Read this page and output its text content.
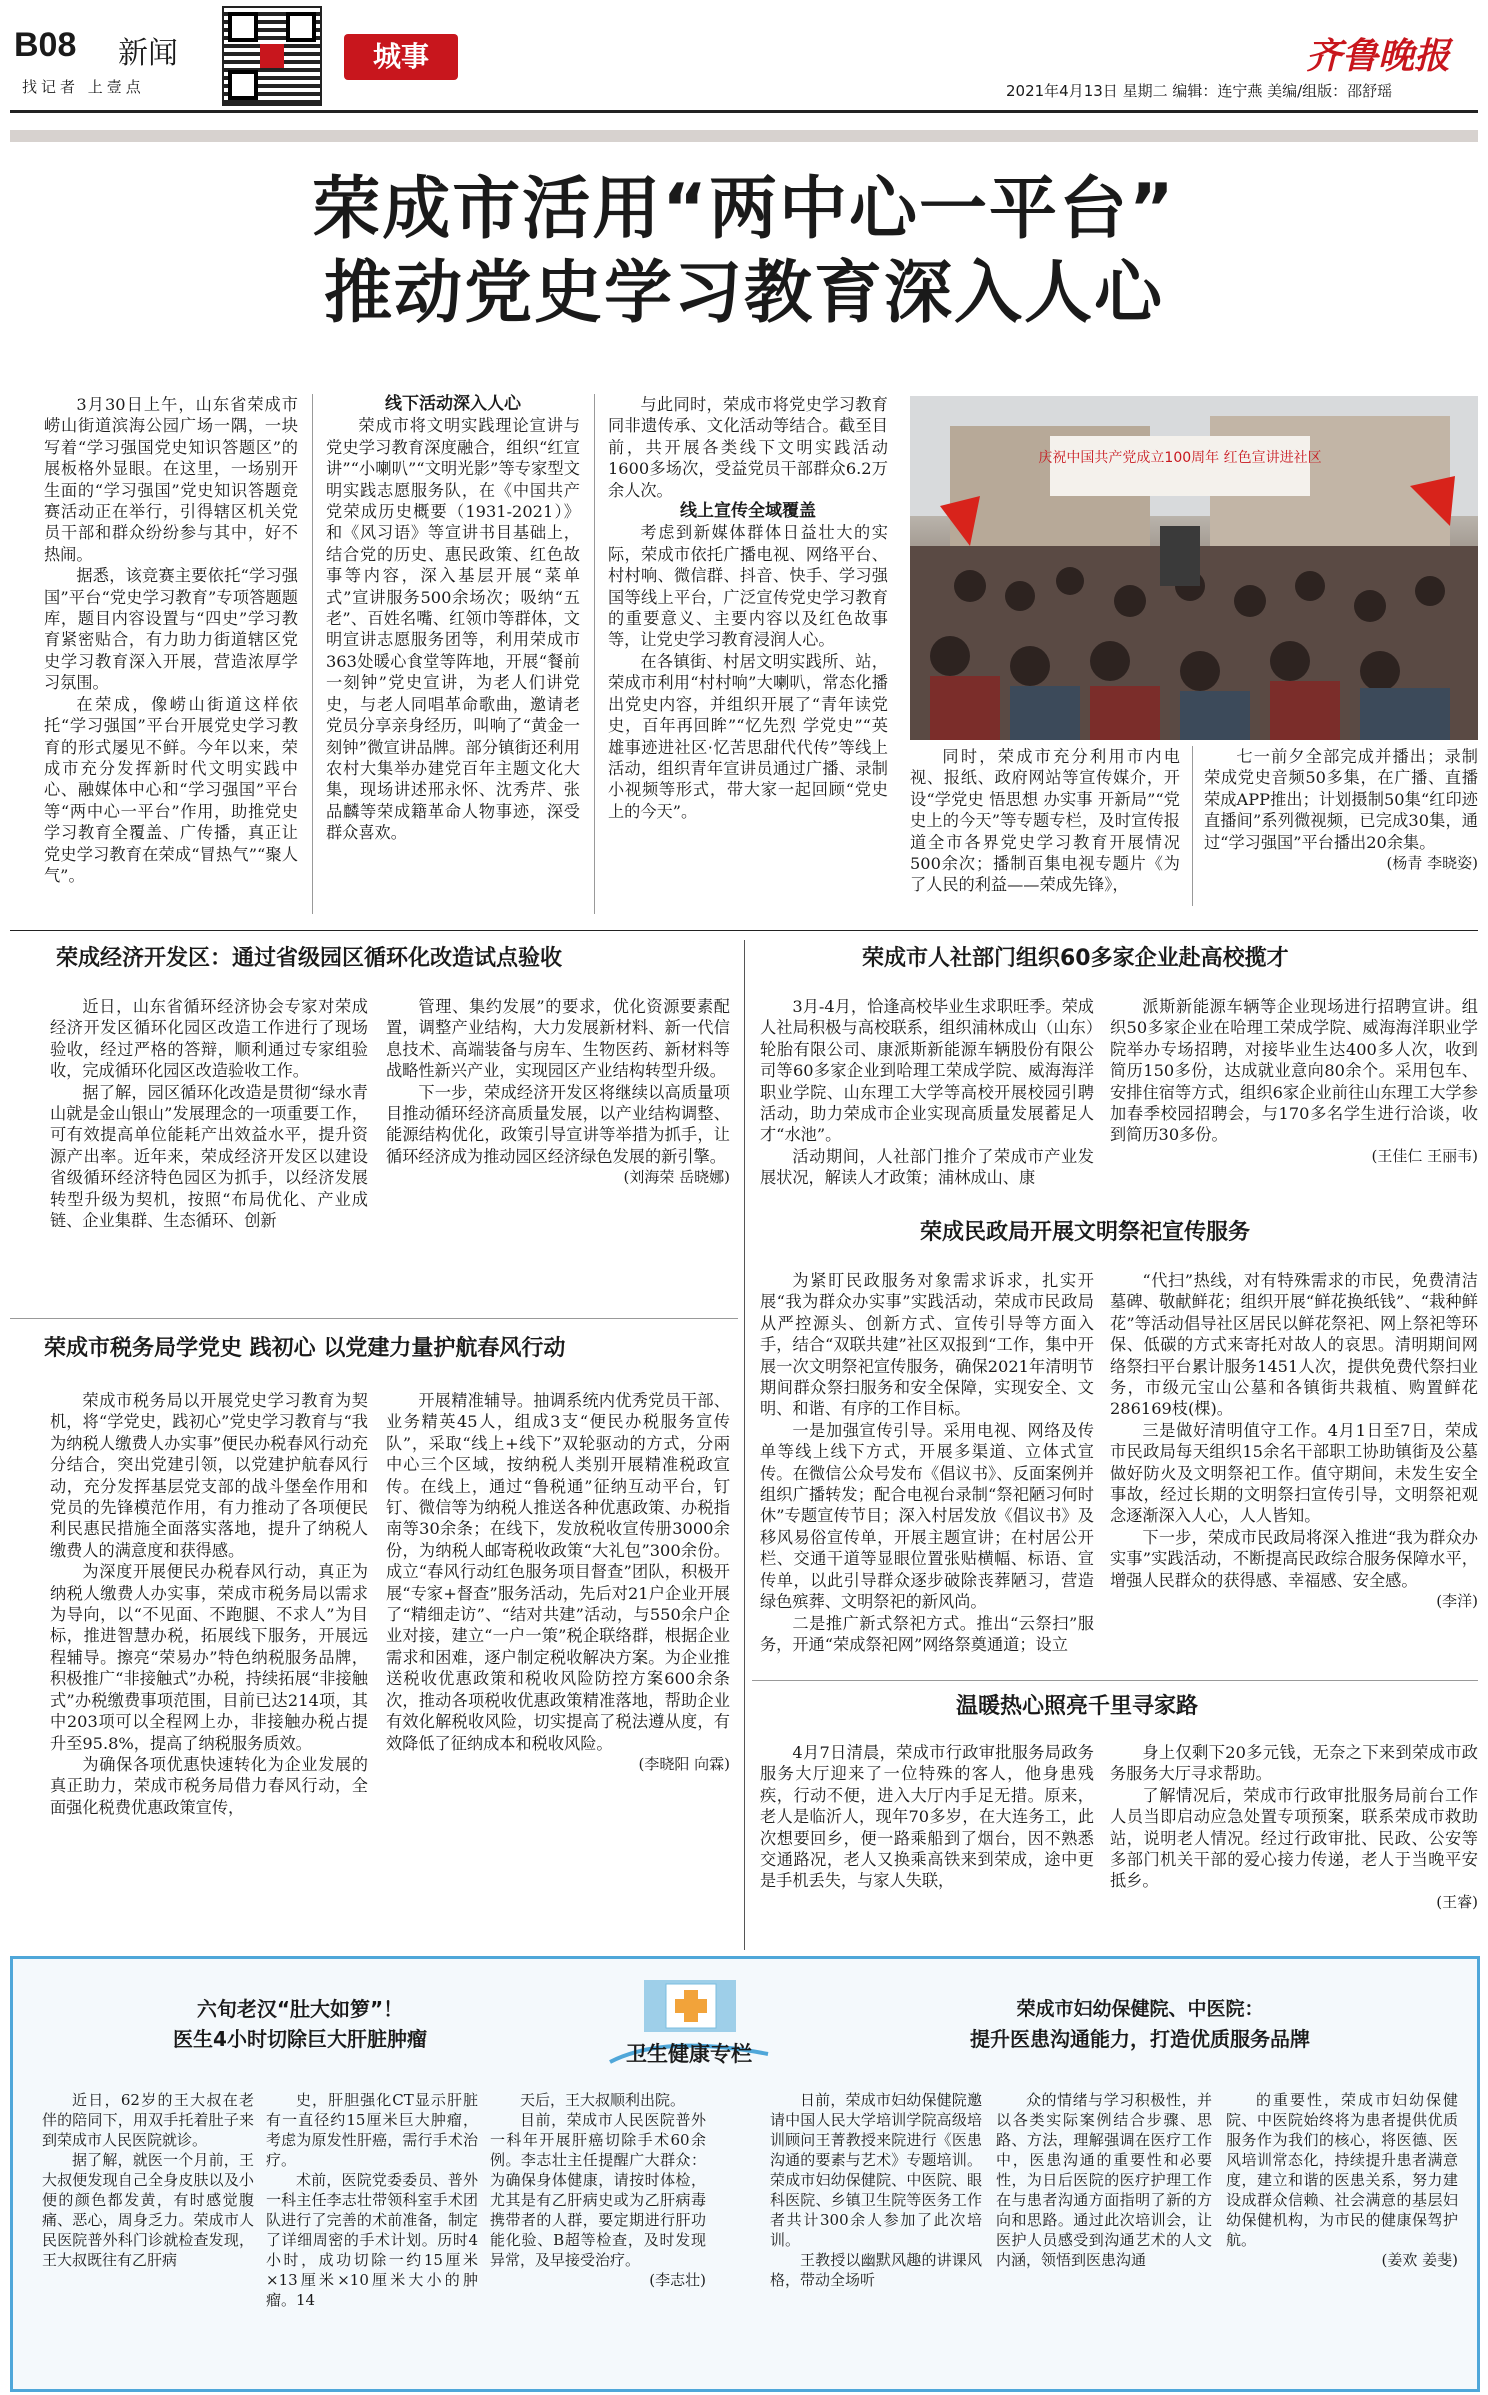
B08 新闻
找记者 上壹点
城事	齐鲁晚报
2021年4月13日 星期二 编辑：连宁燕 美编/组版：邵舒瑶
荣成市活用“两中心一平台”
推动党史学习教育深入人心

3月30日上午，山东省荣成市崂山街道滨海公园广场一隅，一块写着“学习强国党史知识答题区”的展板格外显眼。在这里，一场别开生面的“学习强国”党史知识答题竞赛活动正在举行，引得辖区机关党员干部和群众纷纷参与其中，好不热闹。

据悉，该竞赛主要依托“学习强国”平台“党史学习教育”专项答题题库，题目内容设置与“四史”学习教育紧密贴合，有力助力街道辖区党史学习教育深入开展，营造浓厚学习氛围。

在荣成，像崂山街道这样依托“学习强国”平台开展党史学习教育的形式屡见不鲜。今年以来，荣成市充分发挥新时代文明实践中心、融媒体中心和“学习强国”平台等“两中心一平台”作用，助推党史学习教育全覆盖、广传播，真正让党史学习教育在荣成“冒热气”“聚人气”。

线下活动深入人心

荣成市将文明实践理论宣讲与党史学习教育深度融合，组织“红宣讲”“小喇叭”“文明光影”等专家型文明实践志愿服务队，在《中国共产党荣成历史概要（1931-2021）》和《风习语》等宣讲书目基础上，结合党的历史、惠民政策、红色故事等内容，深入基层开展“菜单式”宣讲服务500余场次；吸纳“五老”、百姓名嘴、红领巾等群体，文明宣讲志愿服务团等，利用荣成市363处暖心食堂等阵地，开展“餐前一刻钟”党史宣讲，为老人们讲党史，与老人同唱革命歌曲，邀请老党员分享亲身经历，叫响了“黄金一刻钟”微宣讲品牌。部分镇街还利用农村大集举办建党百年主题文化大集，现场讲述邢永怀、沈秀芹、张品麟等荣成籍革命人物事迹，深受群众喜欢。

与此同时，荣成市将党史学习教育同非遗传承、文化活动等结合。截至目前，共开展各类线下文明实践活动1600多场次，受益党员干部群众6.2万余人次。

线上宣传全域覆盖

考虑到新媒体群体日益壮大的实际，荣成市依托广播电视、网络平台、村村响、微信群、抖音、快手、学习强国等线上平台，广泛宣传党史学习教育的重要意义、主要内容以及红色故事等，让党史学习教育浸润人心。

在各镇街、村居文明实践所、站，荣成市利用“村村响”大喇叭，常态化播出党史内容，并组织开展了“青年读党史，百年再回眸”“忆先烈 学党史”“英雄事迹进社区·忆苦思甜代代传”等线上活动，组织青年宣讲员通过广播、录制小视频等形式，带大家一起回顾“党史上的今天”。

庆祝中国共产党成立100周年 红色宣讲进社区

同时，荣成市充分利用市内电视、报纸、政府网站等宣传媒介，开设“学党史 悟思想 办实事 开新局”“党史上的今天”等专题专栏，及时宣传报道全市各界党史学习教育开展情况500余次；播制百集电视专题片《为了人民的利益——荣成先锋》，

七一前夕全部完成并播出；录制荣成党史音频50多集，在广播、直播荣成APP推出；计划摄制50集“红印迹直播间”系列微视频，已完成30集，通过“学习强国”平台播出20余集。

(杨青 李晓姿)

荣成经济开发区：通过省级园区循环化改造试点验收

近日，山东省循环经济协会专家对荣成经济开发区循环化园区改造工作进行了现场验收，经过严格的答辩，顺利通过专家组验收，完成循环化园区改造验收工作。

据了解，园区循环化改造是贯彻“绿水青山就是金山银山”发展理念的一项重要工作，可有效提高单位能耗产出效益水平，提升资源产出率。近年来，荣成经济开发区以建设省级循环经济特色园区为抓手，以经济发展转型升级为契机，按照“布局优化、产业成链、企业集群、生态循环、创新

管理、集约发展”的要求，优化资源要素配置，调整产业结构，大力发展新材料、新一代信息技术、高端装备与房车、生物医药、新材料等战略性新兴产业，实现园区产业结构转型升级。

下一步，荣成经济开发区将继续以高质量项目推动循环经济高质量发展，以产业结构调整、能源结构优化，政策引导宣讲等举措为抓手，让循环经济成为推动园区经济绿色发展的新引擎。

(刘海荣 岳晓娜)

荣成市税务局学党史 践初心 以党建力量护航春风行动

荣成市税务局以开展党史学习教育为契机，将“学党史，践初心”党史学习教育与“我为纳税人缴费人办实事”便民办税春风行动充分结合，突出党建引领，以党建护航春风行动，充分发挥基层党支部的战斗堡垒作用和党员的先锋模范作用，有力推动了各项便民利民惠民措施全面落实落地，提升了纳税人缴费人的满意度和获得感。

为深度开展便民办税春风行动，真正为纳税人缴费人办实事，荣成市税务局以需求为导向，以“不见面、不跑腿、不求人”为目标，推进智慧办税，拓展线下服务，开展远程辅导。擦亮“荣易办”特色纳税服务品牌，积极推广“非接触式”办税，持续拓展“非接触式”办税缴费事项范围，目前已达214项，其中203项可以全程网上办，非接触办税占提升至95.8%，提高了纳税服务质效。

为确保各项优惠快速转化为企业发展的真正助力，荣成市税务局借力春风行动，全面强化税费优惠政策宣传，

开展精准辅导。抽调系统内优秀党员干部、业务精英45人，组成3支“便民办税服务宣传队”，采取“线上+线下”双轮驱动的方式，分兩中心三个区域，按纳税人类别开展精准税政宣传。在线上，通过“鲁税通”征纳互动平台，钉钉、微信等为纳税人推送各种优惠政策、办税指南等30余条；在线下，发放税收宣传册3000余份，为纳税人邮寄税收政策“大礼包”300余份。成立“春风行动红色服务项目督查”团队，积极开展“专家+督查”服务活动，先后对21户企业开展了“精细走访”、“结对共建”活动，与550余户企业对接，建立“一户一策”税企联络群，根据企业需求和困难，逐户制定税收解决方案。为企业推送税收优惠政策和税收风险防控方案600余条次，推动各项税收优惠政策精准落地，帮助企业有效化解税收风险，切实提高了税法遵从度，有效降低了征纳成本和税收风险。

(李晓阳 向霖)

荣成市人社部门组织60多家企业赴高校揽才

3月-4月，恰逢高校毕业生求职旺季。荣成人社局积极与高校联系，组织浦林成山（山东）轮胎有限公司、康派斯新能源车辆股份有限公司等60多家企业到哈理工荣成学院、威海海洋职业学院、山东理工大学等高校开展校园引聘活动，助力荣成市企业实现高质量发展蓄足人才“水池”。

活动期间，人社部门推介了荣成市产业发展状况，解读人才政策；浦林成山、康

派斯新能源车辆等企业现场进行招聘宣讲。组织50多家企业在哈理工荣成学院、威海海洋职业学院举办专场招聘，对接毕业生达400多人次，收到简历150多份，达成就业意向80余个。采用包车、安排住宿等方式，组织6家企业前往山东理工大学参加春季校园招聘会，与170多名学生进行洽谈，收到简历30多份。

(王佳仁 王丽韦)

荣成民政局开展文明祭祀宣传服务

为紧盯民政服务对象需求诉求，扎实开展“我为群众办实事”实践活动，荣成市民政局从严控源头、创新方式、宣传引导等方面入手，结合“双联共建”社区双报到“工作，集中开展一次文明祭祀宣传服务，确保2021年清明节期间群众祭扫服务和安全保障，实现安全、文明、和谐、有序的工作目标。

一是加强宣传引导。采用电视、网络及传单等线上线下方式，开展多渠道、立体式宣传。在微信公众号发布《倡议书》、反面案例并组织广播转发；配合电视台录制“祭祀陋习何时休”专题宣传节目；深入村居发放《倡议书》及移风易俗宣传单，开展主题宣讲；在村居公开栏、交通干道等显眼位置张贴横幅、标语、宣传单，以此引导群众逐步破除丧葬陋习，营造绿色殡葬、文明祭祀的新风尚。

二是推广新式祭祀方式。推出“云祭扫”服务，开通“荣成祭祀网”网络祭奠通道；设立

“代扫”热线，对有特殊需求的市民，免费清洁墓碑、敬献鲜花；组织开展“鲜花换纸钱”、“栽种鲜花”等活动倡导社区居民以鲜花祭祀、网上祭祀等环保、低碳的方式来寄托对故人的哀思。清明期间网络祭扫平台累计服务1451人次，提供免费代祭扫业务，市级元宝山公墓和各镇街共栽植、购置鲜花286169枝(棵)。

三是做好清明值守工作。4月1日至7日，荣成市民政局每天组织15余名干部职工协助镇街及公墓做好防火及文明祭祀工作。值守期间，未发生安全事故，经过长期的文明祭扫宣传引导，文明祭祀观念逐渐深入人心，人人皆知。

下一步，荣成市民政局将深入推进“我为群众办实事”实践活动，不断提高民政综合服务保障水平，增强人民群众的获得感、幸福感、安全感。

(李洋)

温暖热心照亮千里寻家路

4月7日清晨，荣成市行政审批服务局政务服务大厅迎来了一位特殊的客人，他身患残疾，行动不便，进入大厅内手足无措。原来，老人是临沂人，现年70多岁，在大连务工，此次想要回乡，便一路乘船到了烟台，因不熟悉交通路况，老人又换乘高铁来到荣成，途中更是手机丢失，与家人失联，

身上仅剩下20多元钱，无奈之下来到荣成市政务服务大厅寻求帮助。

了解情况后，荣成市行政审批服务局前台工作人员当即启动应急处置专项预案，联系荣成市救助站，说明老人情况。经过行政审批、民政、公安等多部门机关干部的爱心接力传递，老人于当晚平安抵乡。

(王睿)

六旬老汉“肚大如箩”！
医生4小时切除巨大肝脏肿瘤
卫生健康专栏
荣成市妇幼保健院、中医院：
提升医患沟通能力，打造优质服务品牌

近日，62岁的王大叔在老伴的陪同下，用双手托着肚子来到荣成市人民医院就诊。

据了解，就医一个月前，王大叔便发现自己全身皮肤以及小便的颜色都发黄，有时感觉腹痛、恶心，周身乏力。荣成市人民医院普外科门诊就检查发现，王大叔既往有乙肝病

史，肝胆强化CT显示肝脏有一直径约15厘米巨大肿瘤，考虑为原发性肝癌，需行手术治疗。

术前，医院党委委员、普外一科主任李志壮带领科室手术团队进行了完善的术前准备，制定了详细周密的手术计划。历时4小时，成功切除一约15厘米×13厘米×10厘米大小的肿瘤。14

天后，王大叔顺利出院。

目前，荣成市人民医院普外一科年开展肝癌切除手术60余例。李志壮主任提醒广大群众：为确保身体健康，请按时体检，尤其是有乙肝病史或为乙肝病毒携带者的人群，要定期进行肝功能化验、B超等检查，及时发现异常，及早接受治疗。

(李志壮)

日前，荣成市妇幼保健院邀请中国人民大学培训学院高级培训顾问王菁教授来院进行《医患沟通的要素与艺术》专题培训。荣成市妇幼保健院、中医院、眼科医院、乡镇卫生院等医务工作者共计300余人参加了此次培训。

王教授以幽默风趣的讲课风格，带动全场听

众的情绪与学习积极性，并以各类实际案例结合步骤、思路、方法，理解强调在医疗工作中，医患沟通的重要性和必要性，为日后医院的医疗护理工作在与患者沟通方面指明了新的方向和思路。通过此次培训会，让医护人员感受到沟通艺术的人文内涵，领悟到医患沟通

的重要性，荣成市妇幼保健院、中医院始终将为患者提供优质服务作为我们的核心，将医德、医风培训常态化，持续提升患者满意度，建立和谐的医患关系，努力建设成群众信赖、社会满意的基层妇幼保健机构，为市民的健康保驾护航。

(姜欢 姜斐)
